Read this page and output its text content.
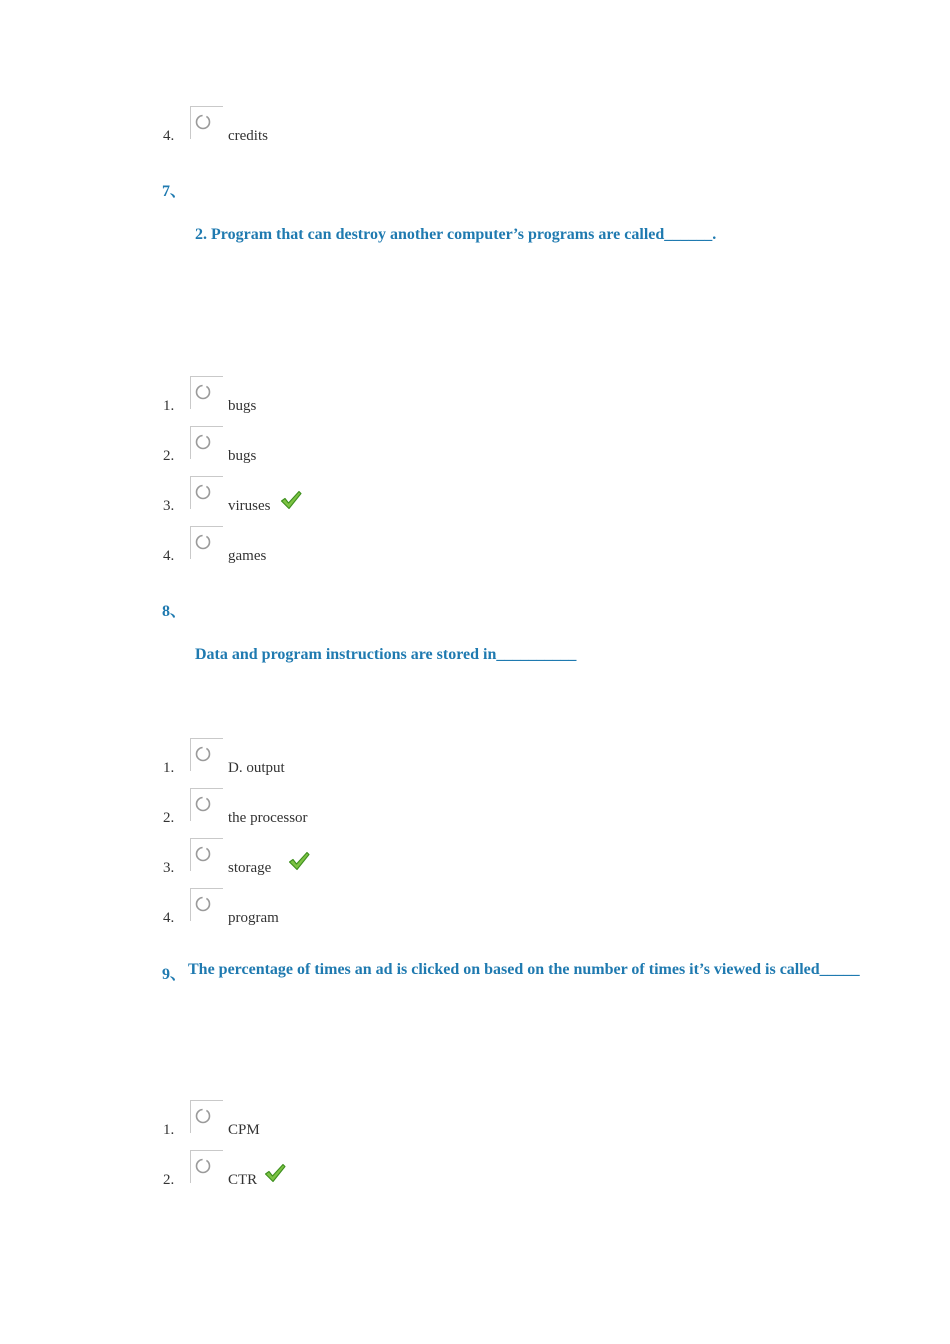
4.	credits
7、
2. Program that can destroy another computer’s programs are called______.
1.	bugs
2.	bugs
3.	viruses
4.	games
8、
Data and program instructions are stored in__________
1.	D. output
2.	the processor
3.	storage
4.	program
9、 The percentage of times an ad is clicked on based on the number of times it’s viewed is called_____
1.	CPM
2.	CTR
